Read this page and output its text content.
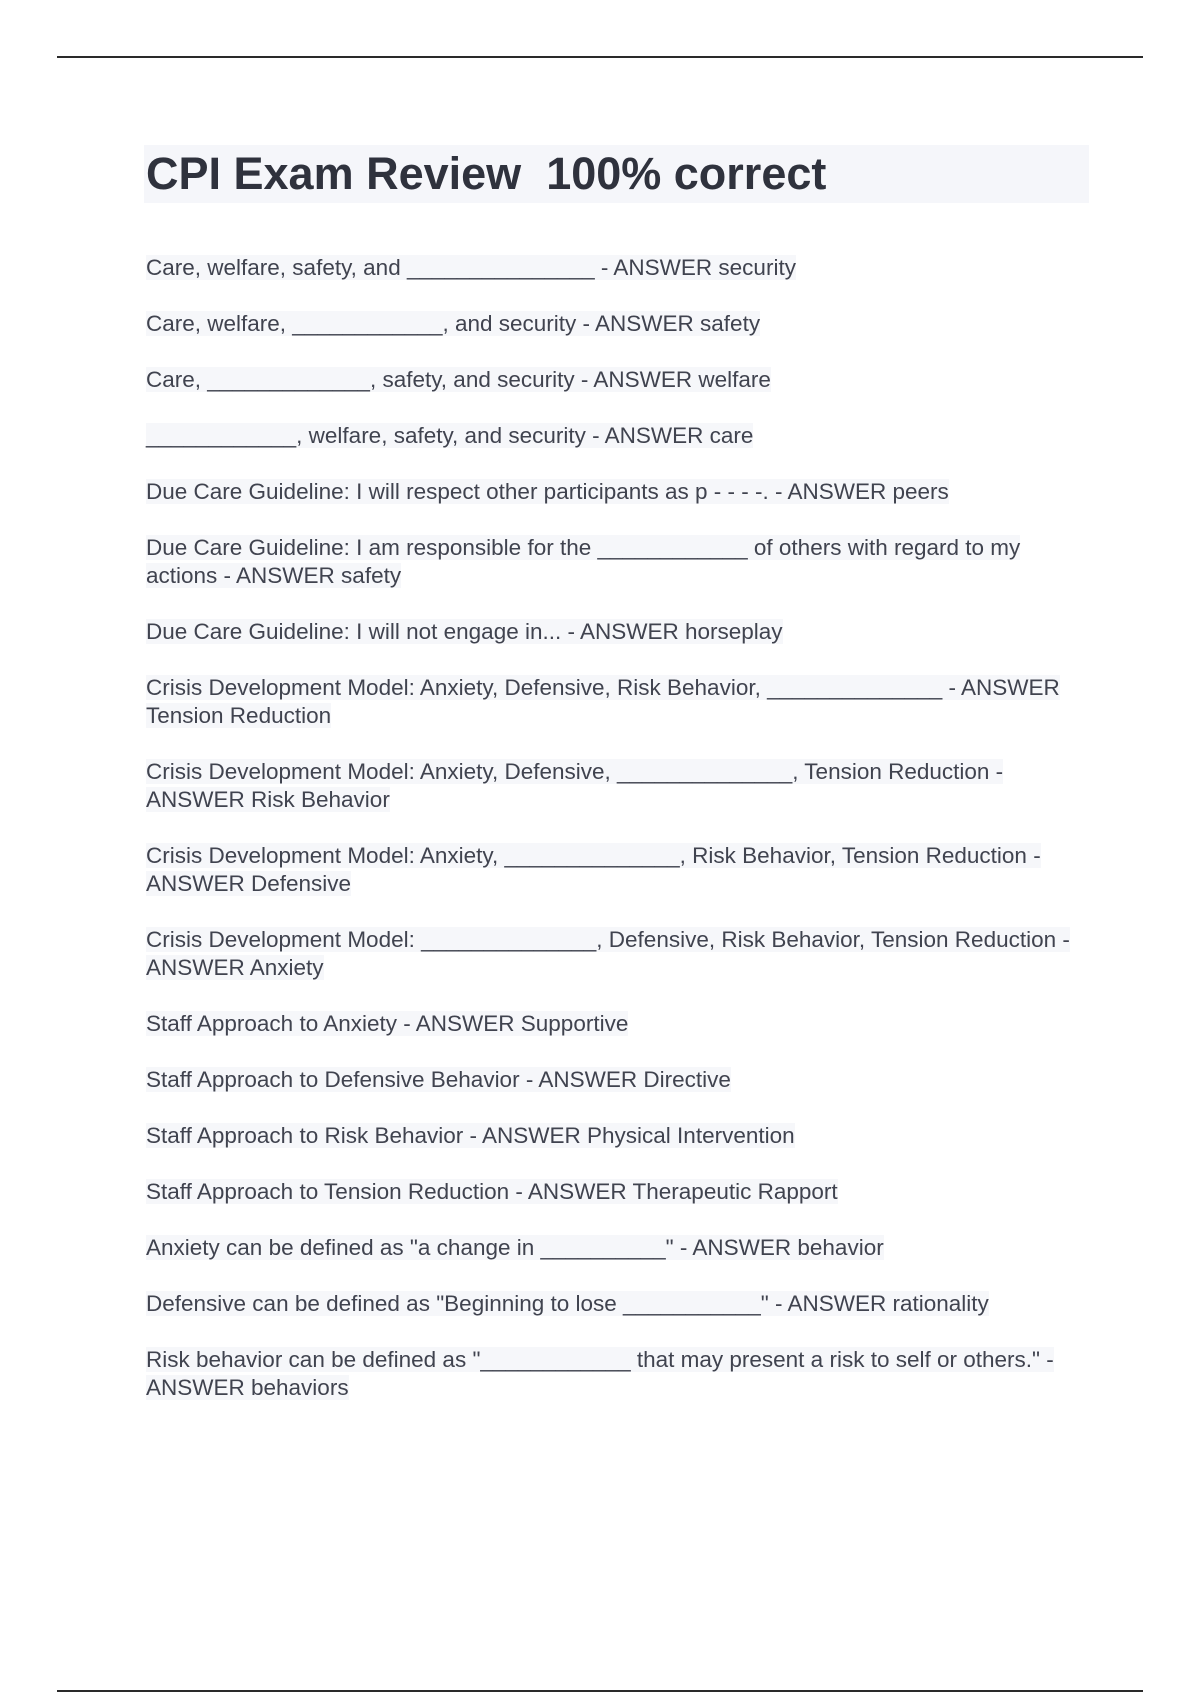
CPI Exam Review  100% correct
Care, welfare, safety, and _______________ - ANSWER security
Care, welfare, ____________, and security - ANSWER safety
Care, _____________, safety, and security - ANSWER welfare
____________, welfare, safety, and security - ANSWER care
Due Care Guideline: I will respect other participants as p - - - -. - ANSWER peers
Due Care Guideline: I am responsible for the ____________ of others with regard to my actions - ANSWER safety
Due Care Guideline: I will not engage in... - ANSWER horseplay
Crisis Development Model: Anxiety, Defensive, Risk Behavior, ______________ - ANSWER Tension Reduction
Crisis Development Model: Anxiety, Defensive, ______________, Tension Reduction - ANSWER Risk Behavior
Crisis Development Model: Anxiety, ______________, Risk Behavior, Tension Reduction - ANSWER Defensive
Crisis Development Model: ______________, Defensive, Risk Behavior, Tension Reduction - ANSWER Anxiety
Staff Approach to Anxiety - ANSWER Supportive
Staff Approach to Defensive Behavior - ANSWER Directive
Staff Approach to Risk Behavior - ANSWER Physical Intervention
Staff Approach to Tension Reduction - ANSWER Therapeutic Rapport
Anxiety can be defined as "a change in __________" - ANSWER behavior
Defensive can be defined as "Beginning to lose ___________" - ANSWER rationality
Risk behavior can be defined as "____________ that may present a risk to self or others." - ANSWER behaviors
